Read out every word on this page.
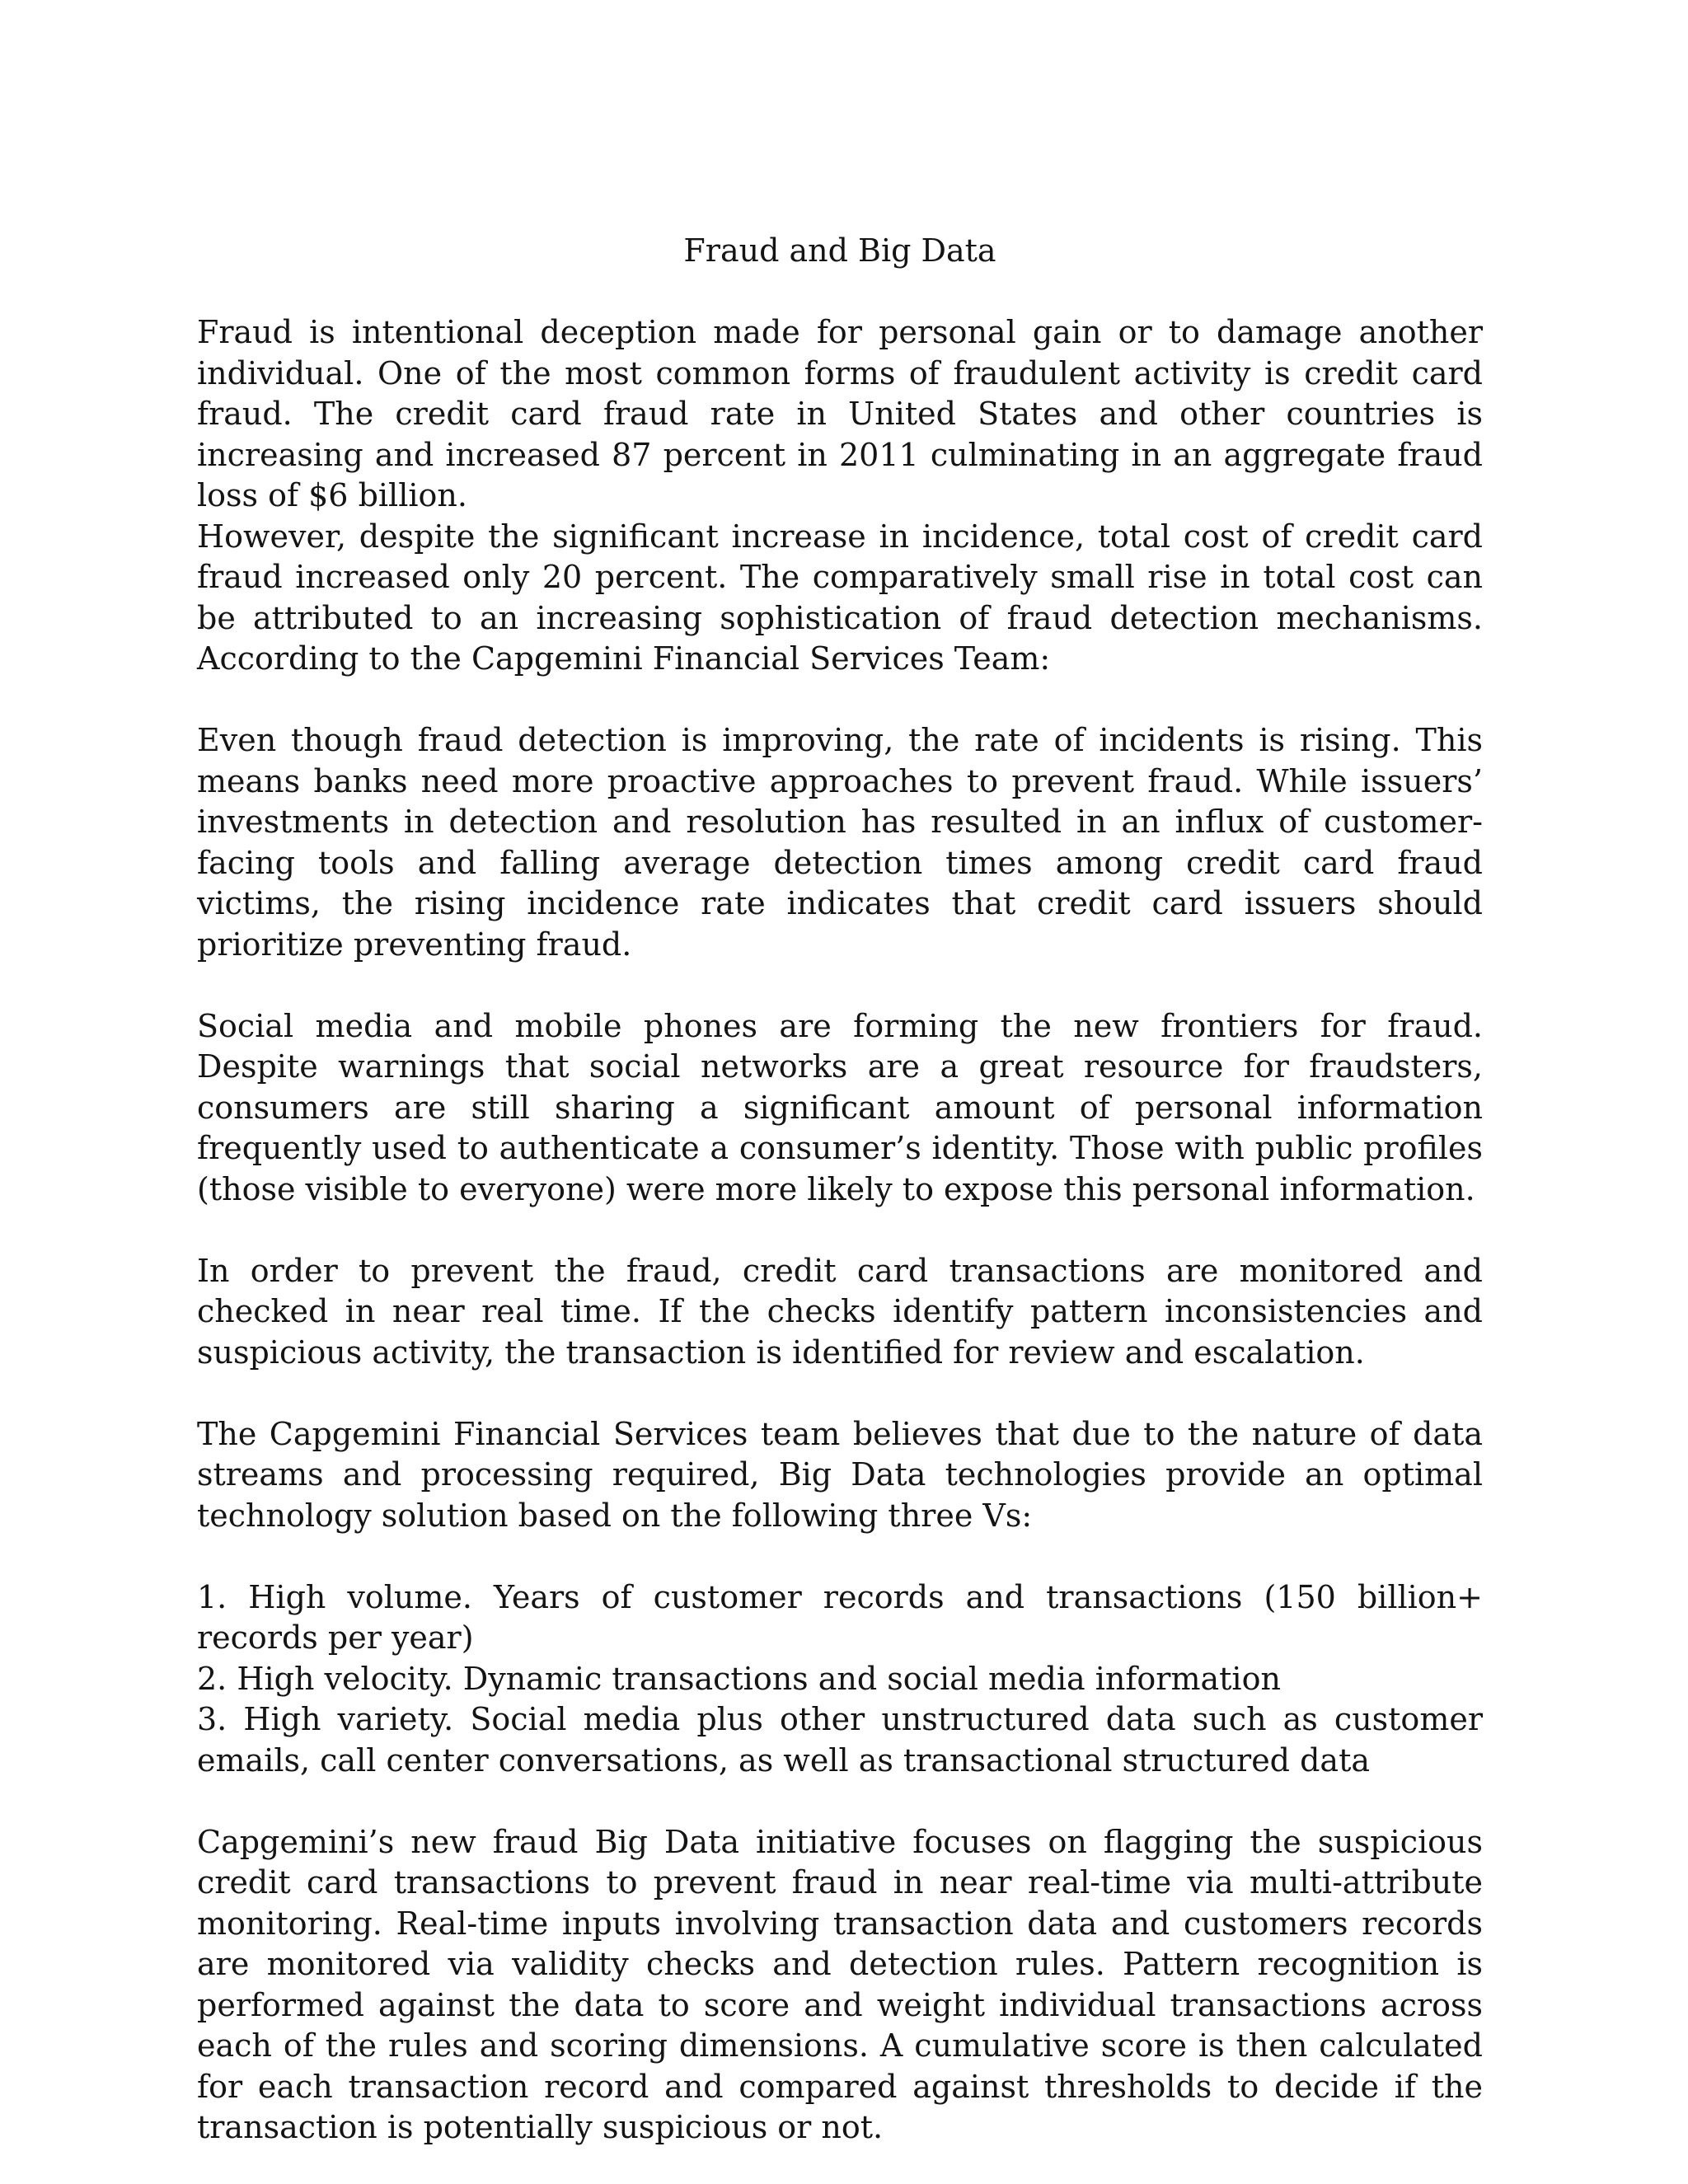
Fraud and Big Data

Fraud is intentional deception made for personal gain or to damage another individual. One of the most common forms of fraudulent activity is credit card fraud. The credit card fraud rate in United States and other countries is increasing and increased 87 percent in 2011 culminating in an aggregate fraud loss of $6 billion.

However, despite the significant increase in incidence, total cost of credit card fraud increased only 20 percent. The comparatively small rise in total cost can be attributed to an increasing sophistication of fraud detection mechanisms. According to the Capgemini Financial Services Team:

Even though fraud detection is improving, the rate of incidents is rising. This means banks need more proactive approaches to prevent fraud. While issuers’ investments in detection and resolution has resulted in an influx of customer-facing tools and falling average detection times among credit card fraud victims, the rising incidence rate indicates that credit card issuers should prioritize preventing fraud.

Social media and mobile phones are forming the new frontiers for fraud. Despite warnings that social networks are a great resource for fraudsters, consumers are still sharing a significant amount of personal information frequently used to authenticate a consumer’s identity. Those with public profiles (those visible to everyone) were more likely to expose this personal information.

In order to prevent the fraud, credit card transactions are monitored and checked in near real time. If the checks identify pattern inconsistencies and suspicious activity, the transaction is identified for review and escalation.

The Capgemini Financial Services team believes that due to the nature of data streams and processing required, Big Data technologies provide an optimal technology solution based on the following three Vs:

1. High volume. Years of customer records and transactions (150 billion+ records per year)
2. High velocity. Dynamic transactions and social media information
3. High variety. Social media plus other unstructured data such as customer emails, call center conversations, as well as transactional structured data

Capgemini’s new fraud Big Data initiative focuses on flagging the suspicious credit card transactions to prevent fraud in near real-time via multi-attribute monitoring. Real-time inputs involving transaction data and customers records are monitored via validity checks and detection rules. Pattern recognition is performed against the data to score and weight individual transactions across each of the rules and scoring dimensions. A cumulative score is then calculated for each transaction record and compared against thresholds to decide if the transaction is potentially suspicious or not.
